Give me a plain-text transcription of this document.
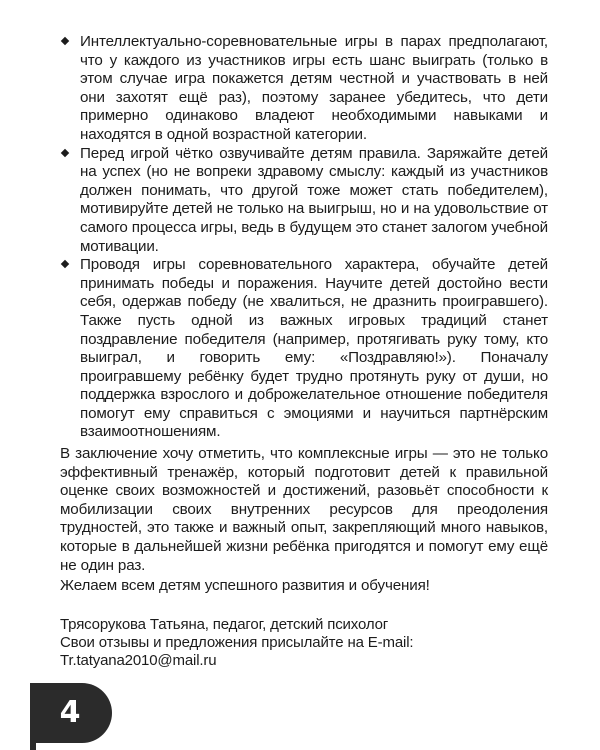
Интеллектуально-соревновательные игры в парах предполагают, что у каждого из участников игры есть шанс выиграть (только в этом случае игра покажется детям честной и участвовать в ней они захотят ещё раз), поэтому заранее убедитесь, что дети примерно одинаково владеют необходимыми навыками и находятся в одной возрастной категории.
Перед игрой чётко озвучивайте детям правила. Заряжайте детей на успех (но не вопреки здравому смыслу: каждый из участников должен понимать, что другой тоже может стать победителем), мотивируйте детей не только на выигрыш, но и на удовольствие от самого процесса игры, ведь в будущем это станет залогом учебной мотивации.
Проводя игры соревновательного характера, обучайте детей принимать победы и поражения. Научите детей достойно вести себя, одержав победу (не хвалиться, не дразнить проигравшего). Также пусть одной из важных игровых традиций станет поздравление победителя (например, протягивать руку тому, кто выиграл, и говорить ему: «Поздравляю!»). Поначалу проигравшему ребёнку будет трудно протянуть руку от души, но поддержка взрослого и доброжелательное отношение победителя помогут ему справиться с эмоциями и научиться партнёрским взаимоотношениям.

В заключение хочу отметить, что комплексные игры — это не только эффективный тренажёр, который подготовит детей к правильной оценке своих возможностей и достижений, разовьёт способности к мобилизации своих внутренних ресурсов для преодоления трудностей, это также и важный опыт, закрепляющий много навыков, которые в дальнейшей жизни ребёнка пригодятся и помогут ему ещё не один раз.

Желаем всем детям успешного развития и обучения!

Трясорукова Татьяна, педагог, детский психолог
Свои отзывы и предложения присылайте на E-mail:
Tr.tatyana2010@mail.ru
4
